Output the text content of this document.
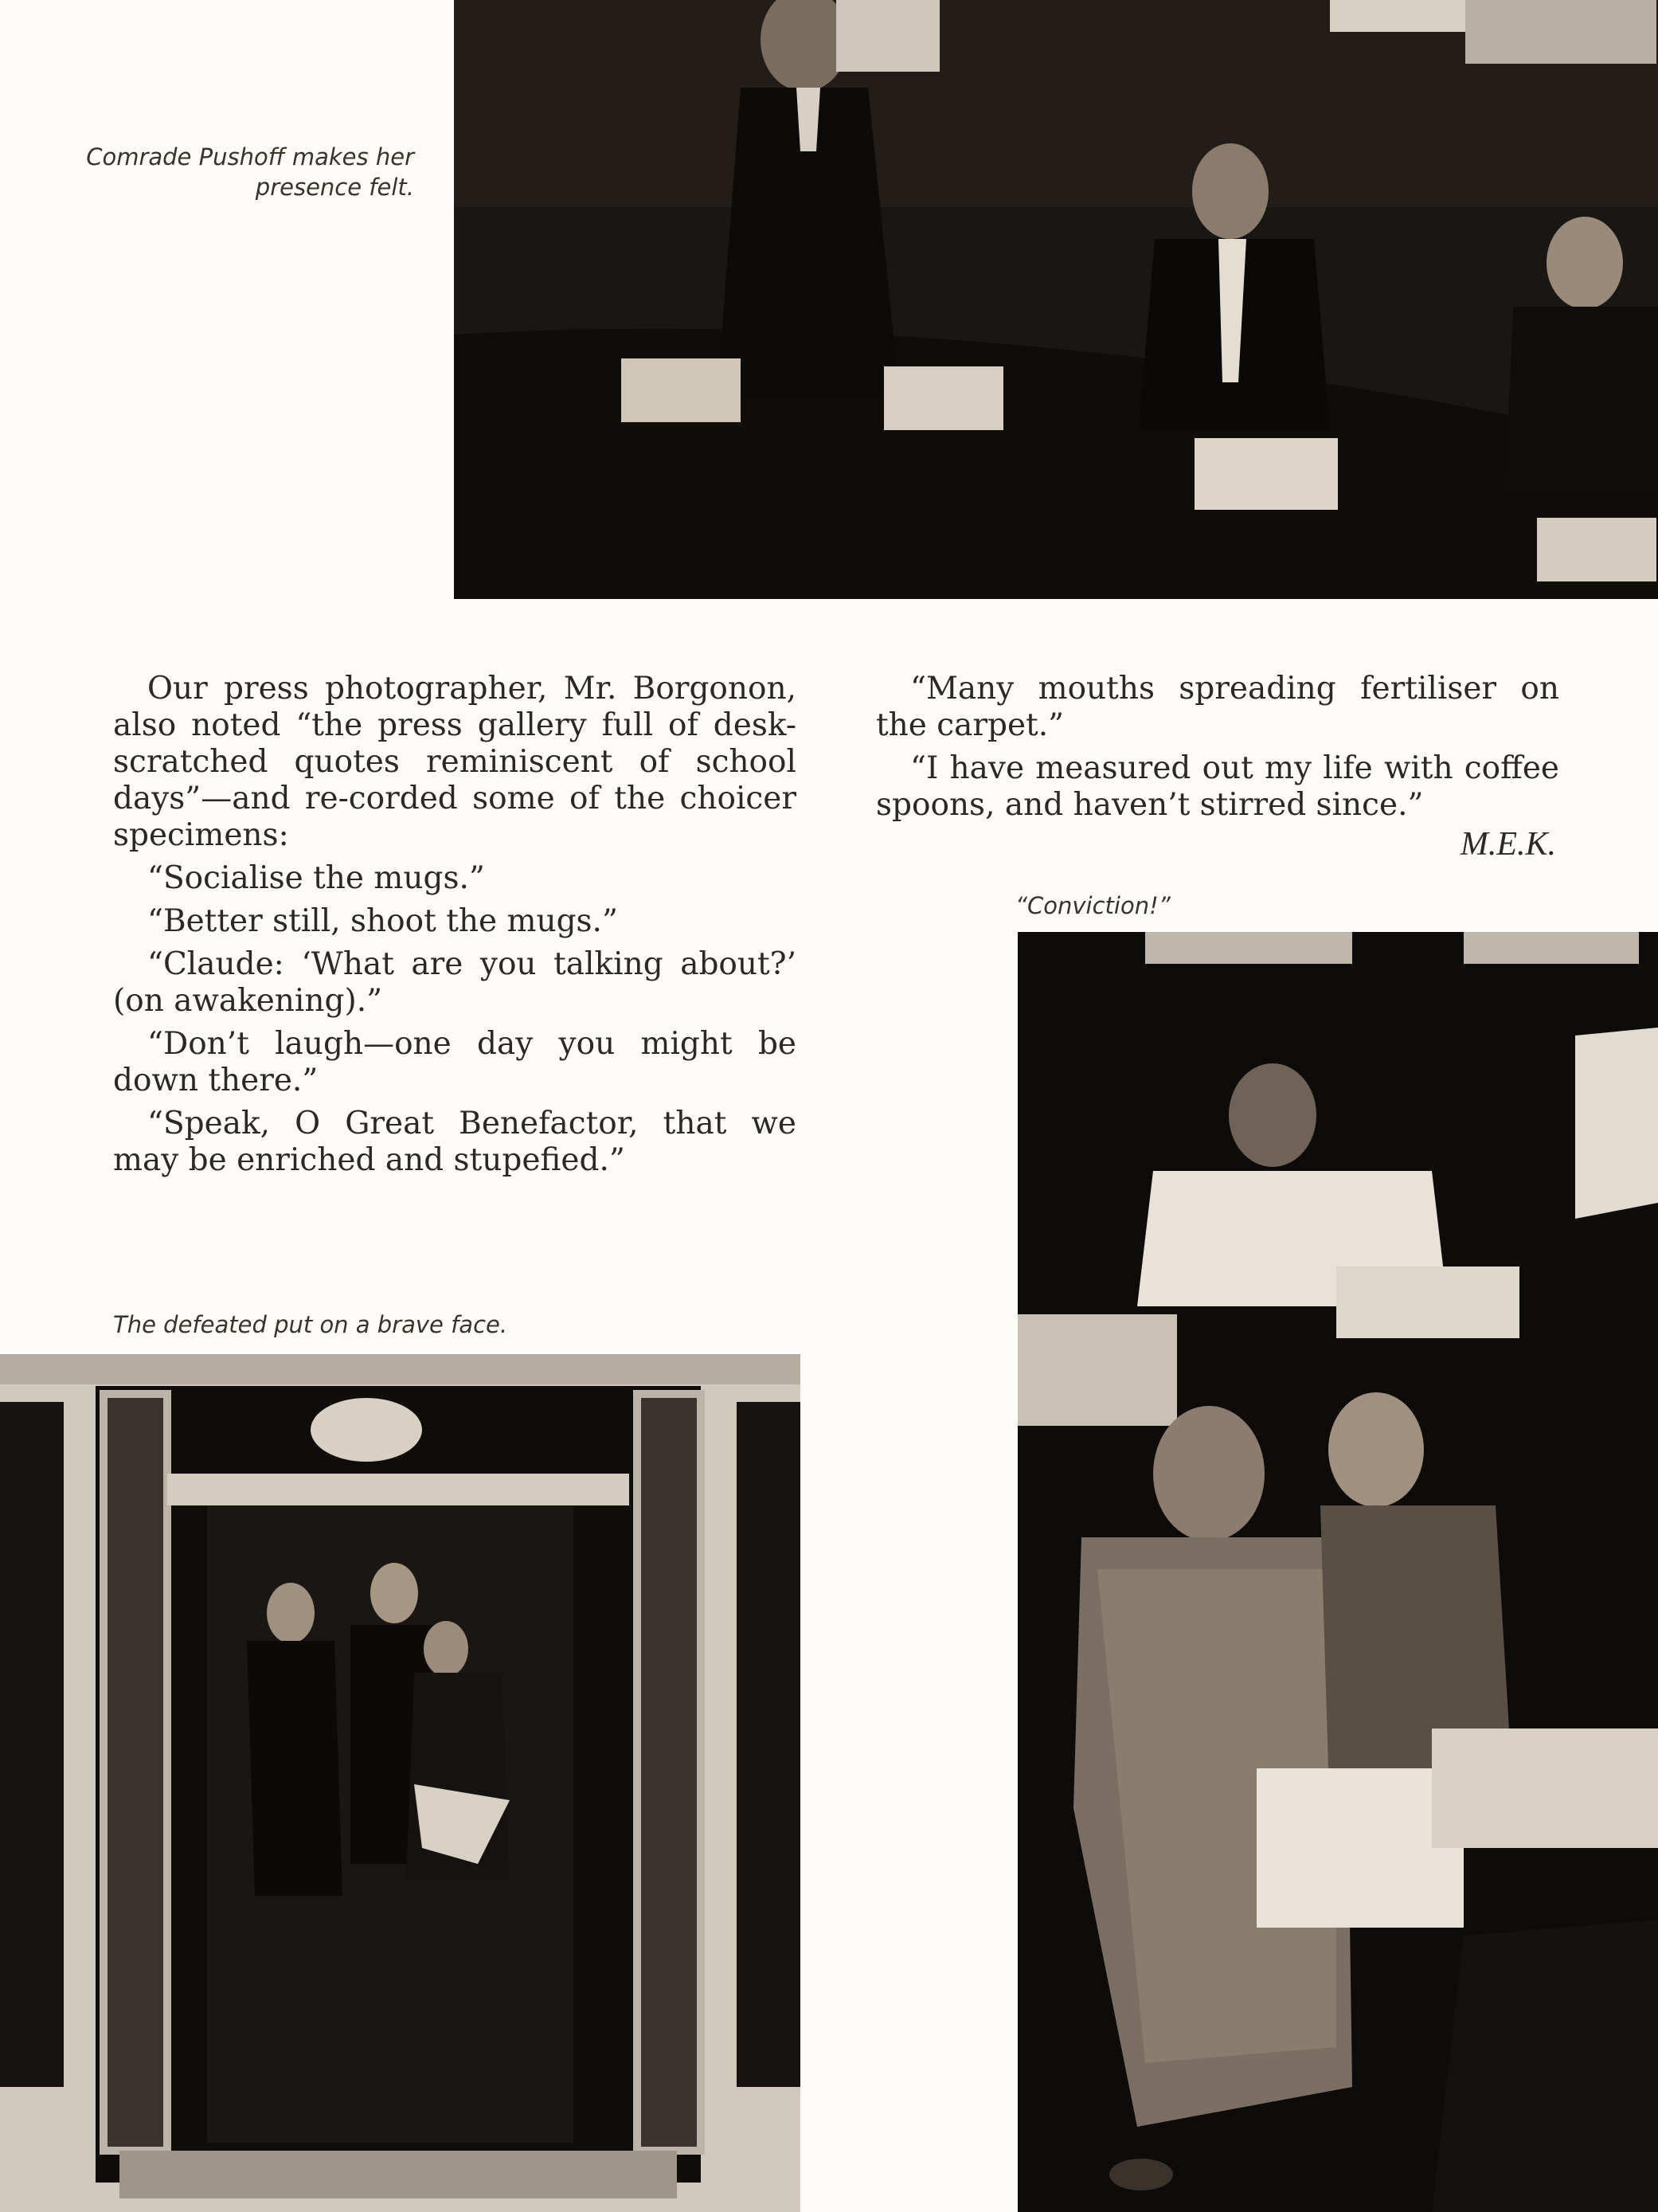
Comrade Pushoff makes her presence felt.

Our press photographer, Mr. Borgonon, also noted “the press gallery full of desk-scratched quotes reminiscent of school days”—and re-corded some of the choicer specimens:

“Socialise the mugs.”

“Better still, shoot the mugs.”

“Claude: ‘What are you talking about?’ (on awakening).”

“Don’t laugh—one day you might be down there.”

“Speak, O Great Benefactor, that we may be enriched and stupefied.”

“Many mouths spreading fertiliser on the carpet.”

“I have measured out my life with coffee spoons, and haven’t stirred since.”

M.E.K.
“Conviction!”
The defeated put on a brave face.
